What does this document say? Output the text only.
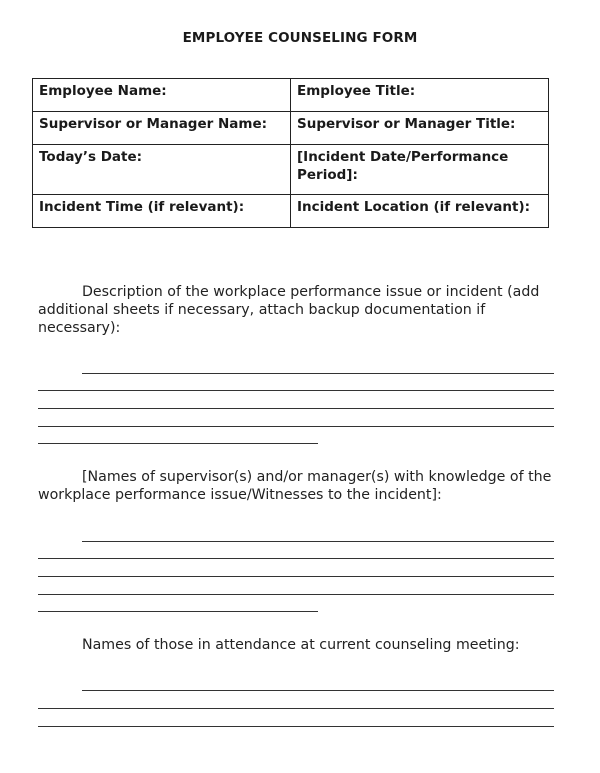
EMPLOYEE COUNSELING FORM
Employee Name:	Employee Title:
Supervisor or Manager Name:	Supervisor or Manager Title:
Today’s Date:	[Incident Date/Performance Period]:
Incident Time (if relevant):	Incident Location (if relevant):
Description of the workplace performance issue or incident (add additional sheets if necessary, attach backup documentation if necessary):
[Names of supervisor(s) and/or manager(s) with knowledge of the workplace performance issue/Witnesses to the incident]:
Names of those in attendance at current counseling meeting:
